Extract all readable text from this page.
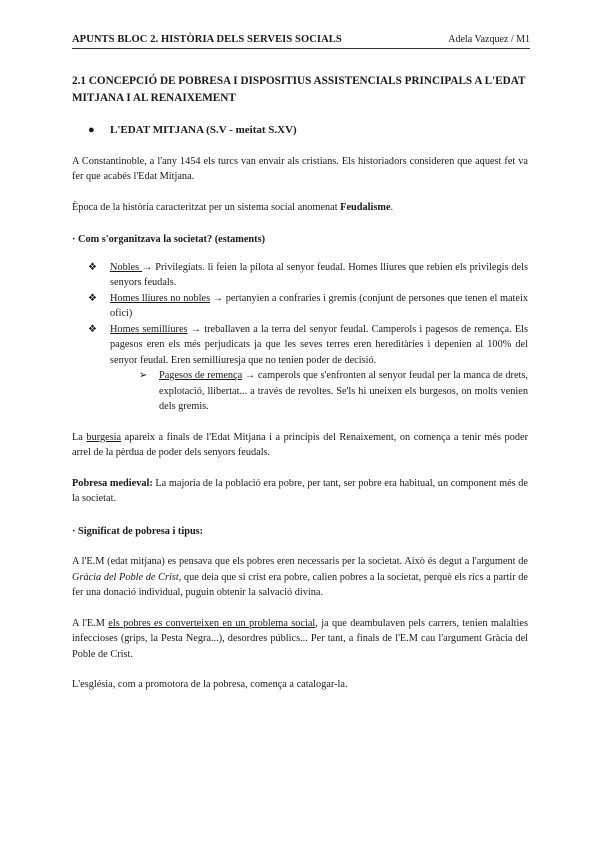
APUNTS BLOC 2. HISTÒRIA DELS SERVEIS SOCIALS	Adela Vazquez / M1

2.1 CONCEPCIÓ DE POBRESA I DISPOSITIUS ASSISTENCIALS PRINCIPALS A L'EDAT MITJANA I AL RENAIXEMENT

●	L'EDAT MITJANA (S.V - meitat S.XV)

A Constantinoble, a l'any 1454 els turcs van envair als cristians. Els historiadors consideren que aquest fet va fer que acabés l'Edat Mitjana.

Època de la història caracteritzat per un sistema social anomenat Feudalisme.

· Com s'organitzava la societat? (estaments)

❖	Nobles → Privilegiats. li feien la pilota al senyor feudal. Homes lliures que rebien els privilegis dels senyors feudals.
❖	Homes lliures no nobles → pertanyien a confraries i gremis (conjunt de persones que tenen el mateix ofici)
❖	Homes semilliures → treballaven a la terra del senyor feudal. Camperols i pagesos de remença. Els pagesos eren els més perjudicats ja que les seves terres eren hereditàries i depenien al 100% del senyor feudal. Eren semilliuresja que no tenien poder de decisió.
➢	Pagesos de remença → camperols que s'enfronten al senyor feudal per la manca de drets, explotació, llibertat... a través de revoltes. Se'ls hi uneixen els burgesos, on molts venien dels gremis.

La burgesia apareix a finals de l'Edat Mitjana i a principis del Renaixement, on comença a tenir més poder arrel de la pèrdua de poder dels senyors feudals.

Pobresa medieval: La majoria de la població era pobre, per tant, ser pobre era habitual, un component més de la societat.

· Significat de pobresa i tipus:

A l'E.M (edat mitjana) es pensava que els pobres eren necessaris per la societat. Això és degut a l'argument de Gràcia del Poble de Crist, que deia que si crist era pobre, calien pobres a la societat, perquè els rics a partir de fer una donació individual, puguin obtenir la salvació divina.

A l'E.M els pobres es converteixen en un problema social, ja que deambulaven pels carrers, tenien malalties infeccioses (grips, la Pesta Negra...), desordres públics... Per tant, a finals de l'E.M cau l'argument Gràcia del Poble de Crist.

L'església, com a promotora de la pobresa, comença a catalogar-la.
